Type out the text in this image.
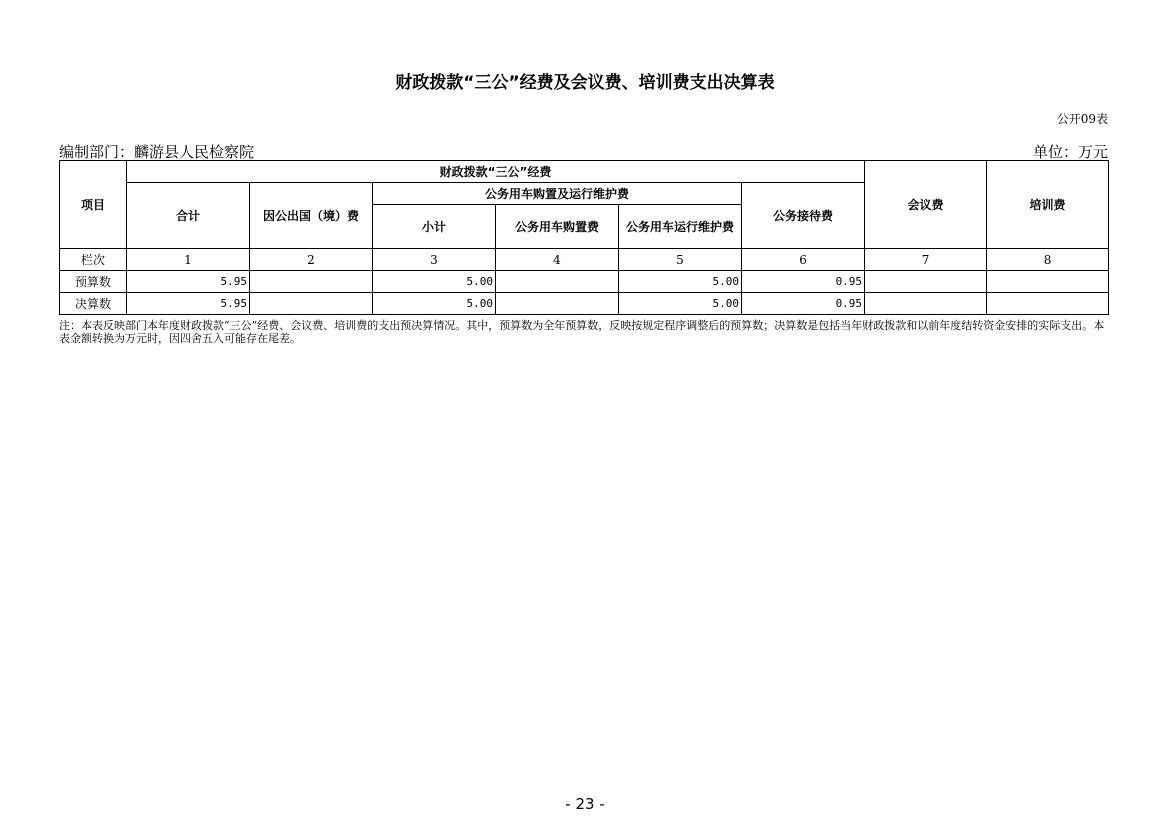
财政拨款“三公”经费及会议费、培训费支出决算表
公开09表
编制部门：麟游县人民检察院	单位：万元
项目	财政拨款“三公”经费						会议费	培训费
	合计	因公出国（境）费	公务用车购置及运行维护费			公务接待费		
			小计	公务用车购置费	公务用车运行维护费			
栏次	1	2	3	4	5	6	7	8
预算数	5.95		5.00		5.00	0.95		
决算数	5.95		5.00		5.00	0.95		
注：本表反映部门本年度财政拨款“三公”经费、会议费、培训费的支出预决算情况。其中，预算数为全年预算数，反映按规定程序调整后的预算数；决算数是包括当年财政拨款和以前年度结转资金安排的实际支出。本表金额转换为万元时，因四舍五入可能存在尾差。
- 23 -
